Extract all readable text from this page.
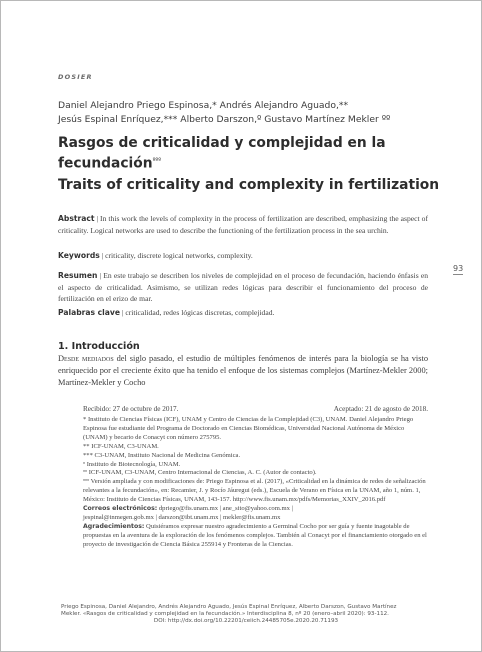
DOSIER
Daniel Alejandro Priego Espinosa,* Andrés Alejandro Aguado,**
Jesús Espinal Enríquez,*** Alberto Darszon,º Gustavo Martínez Mekler ºº
Rasgos de criticalidad y complejidad en la fecundación$^{ººº}$
Traits of criticality and complexity in fertilization
Abstract | In this work the levels of complexity in the process of fertilization are described, emphasizing the aspect of criticality. Logical networks are used to describe the functioning of the fertilization process in the sea urchin.
Keywords | criticality, discrete logical networks, complexity.
Resumen | En este trabajo se describen los niveles de complejidad en el proceso de fecundación, haciendo énfasis en el aspecto de criticalidad. Asimismo, se utilizan redes lógicas para describir el funcionamiento del proceso de fertilización en el erizo de mar.
Palabras clave | criticalidad, redes lógicas discretas, complejidad.
93
1. Introducción
Desde mediados del siglo pasado, el estudio de múltiples fenómenos de interés para la biología se ha visto enriquecido por el creciente éxito que ha tenido el enfoque de los sistemas complejos (Martínez-Mekler 2000; Martínez-Mekler y Cocho
Recibido: 27 de octubre de 2017.	Aceptado: 21 de agosto de 2018.

* Instituto de Ciencias Físicas (ICF), UNAM y Centro de Ciencias de la Complejidad (C3), UNAM. Daniel Alejandro Priego Espinosa fue estudiante del Programa de Doctorado en Ciencias Biomédicas, Universidad Nacional Autónoma de México (UNAM) y becario de Conacyt con número 275795.

** ICF-UNAM, C3-UNAM.

*** C3-UNAM, Instituto Nacional de Medicina Genómica.

º Instituto de Biotecnología, UNAM.

ºº ICF-UNAM, C3-UNAM, Centro Internacional de Ciencias, A. C. (Autor de contacto).

ººº Versión ampliada y con modificaciones de: Priego Espinosa et al. (2017), «Criticalidad en la dinámica de redes de señalización relevantes a la fecundación», en: Recamier, J. y Rocío Jáuregui (eds.), Escuela de Verano en Física en la UNAM, año 1, núm. 1, México: Instituto de Ciencias Físicas, UNAM, 143-157. http://www.fis.unam.mx/pdfs/Memorias_XXIV_2016.pdf

Correos electrónicos: dpriego@fis.unam.mx | ane_sito@yahoo.com.mx |

jespinal@inmegen.gob.mx | darszon@ibt.unam.mx | mekler@fis.unam.mx

Agradecimientos: Quisiéramos expresar nuestro agradecimiento a Germinal Cocho por ser guía y fuente inagotable de propuestas en la aventura de la exploración de los fenómenos complejos. También al Conacyt por el financiamiento otorgado en el proyecto de investigación de Ciencia Básica 255914 y Fronteras de la Ciencias.

Priego Espinosa, Daniel Alejandro, Andrés Alejandro Aguado, Jesús Espinal Enríquez, Alberto Darszon, Gustavo Martínez

Mekler. «Rasgos de criticalidad y complejidad en la fecundación.» Interdisciplina 8, nº 20 (enero–abril 2020): 93-112.

DOI: http://dx.doi.org/10.22201/ceiich.24485705e.2020.20.71193
